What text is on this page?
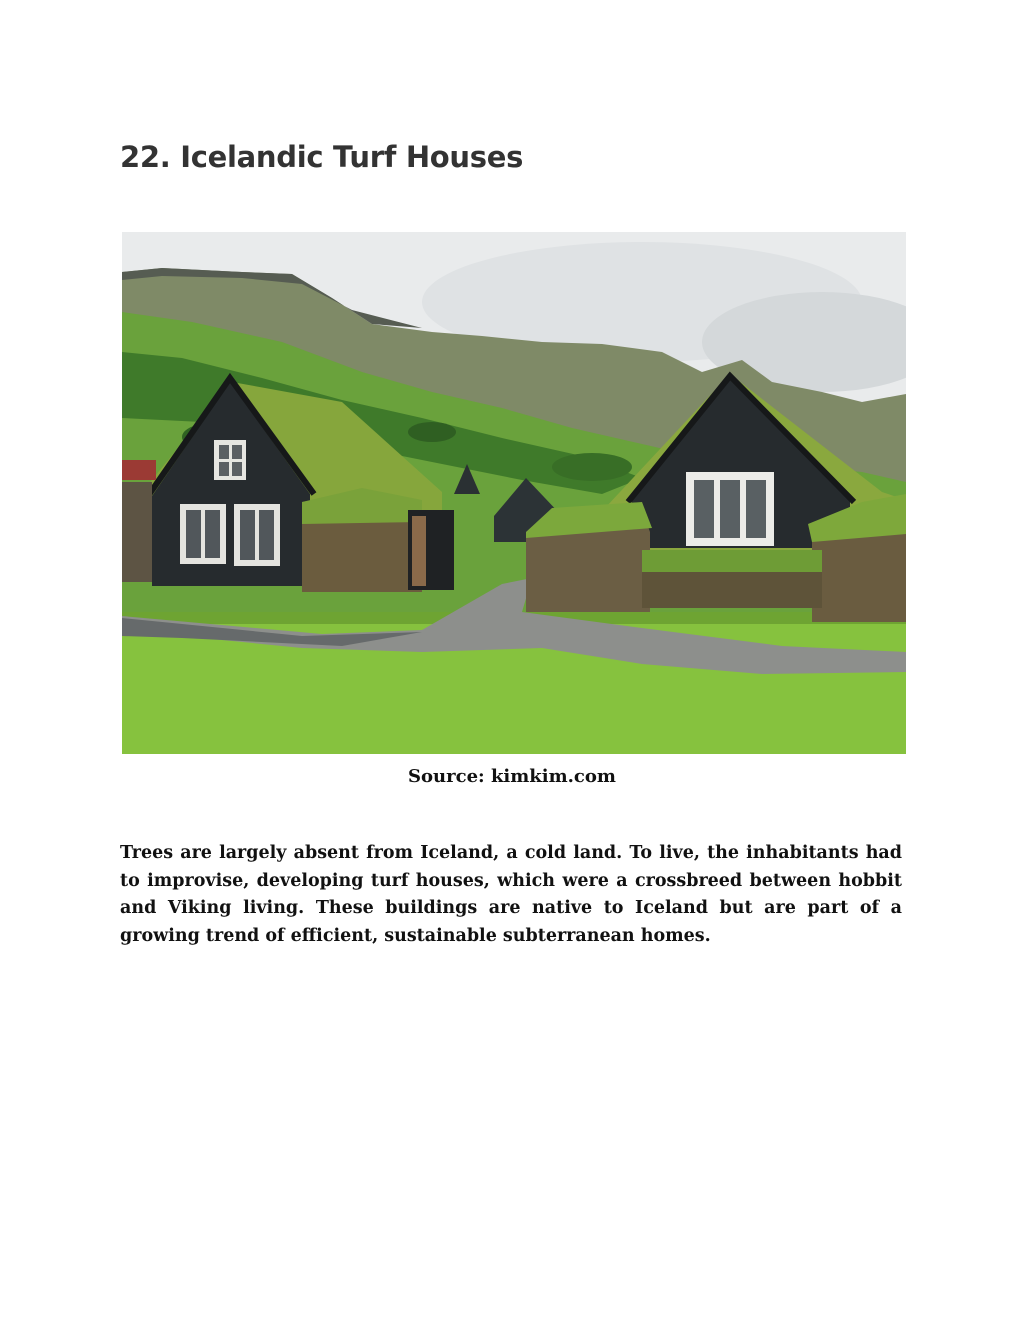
22. Icelandic Turf Houses
Source: kimkim.com

Trees are largely absent from Iceland, a cold land. To live, the inhabitants had to improvise, developing turf houses, which were a crossbreed between hobbit and Viking living. These buildings are native to Iceland but are part of a growing trend of efficient, sustainable subterranean homes.
